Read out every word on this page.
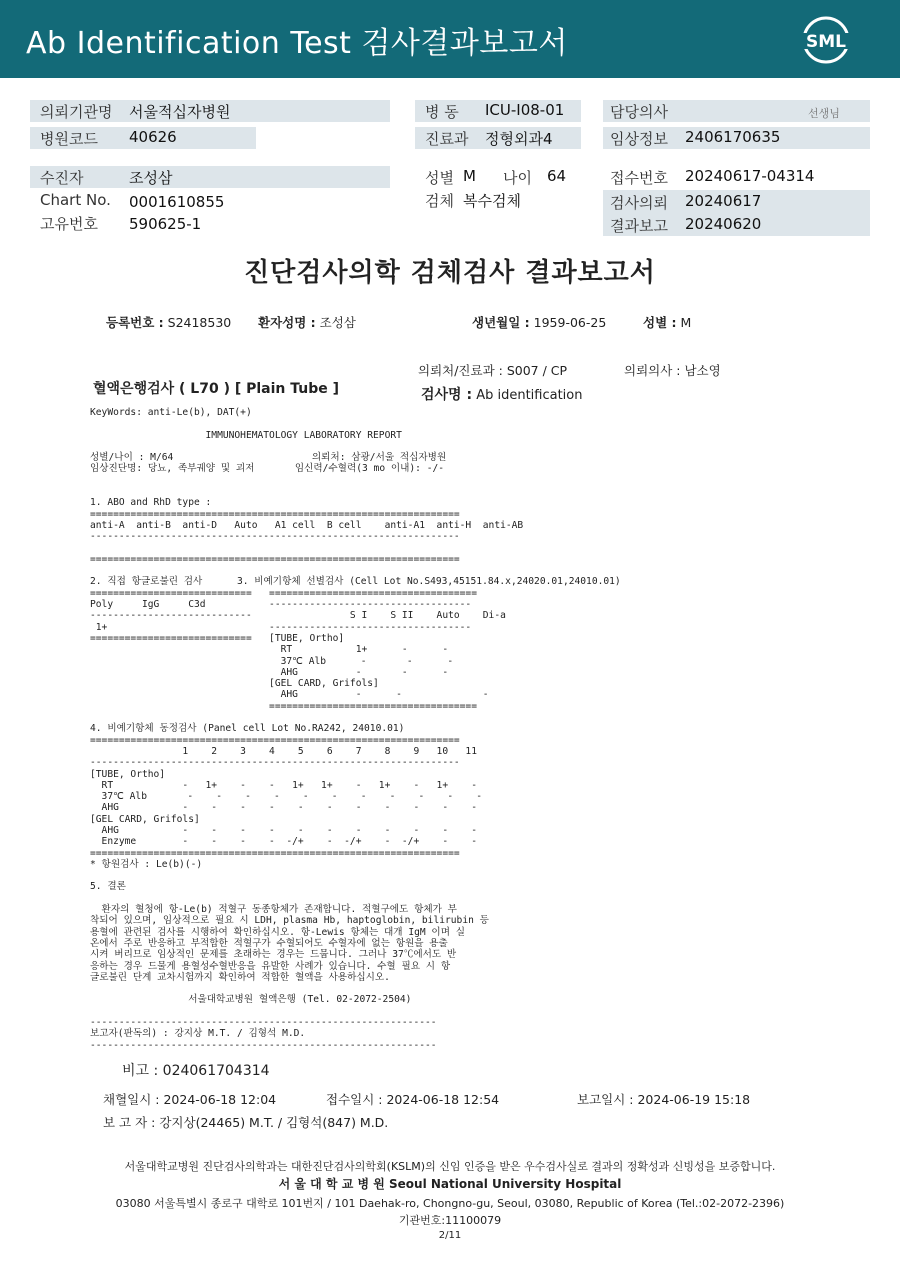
Ab Identification Test 검사결과보고서	SML
의뢰기관명 서울적십자병원
병원코드 40626
병 동 ICU-I08-01
진료과 정형외과4
담당의사	선생님
임상정보 2406170635
수진자	조성삼
Chart No. 0001610855
고유번호 590625-1
성별 M 나이 64
검체 복수검체
접수번호 20240617-04314
검사의뢰 20240617
결과보고 20240620
진단검사의학 검체검사 결과보고서
등록번호 : S2418530 환자성명 : 조성삼	생년월일 : 1959-06-25	성별 : M
의뢰처/진료과 : S007 / CP	의뢰의사 : 남소영
혈액은행검사 ( L70 ) [ Plain Tube ]	검사명 : Ab identification
KeyWords: anti-Le(b), DAT(+)

IMMUNOHEMATOLOGY LABORATORY REPORT

성별/나이 : M/64                        의뢰처: 삼광/서울 적십자병원
임상진단명: 당뇨, 족부궤양 및 괴저       임신력/수혈력(3 mo 이내): -/-

1. ABO and RhD type :
================================================================
anti-A  anti-B  anti-D   Auto   A1 cell  B cell    anti-A1  anti-H  anti-AB
----------------------------------------------------------------

================================================================

2. 직접 항글로불린 검사      3. 비예기항체 선별검사 (Cell Lot No.S493,45151.84.x,24020.01,24010.01)
============================   ====================================
Poly     IgG     C3d           -----------------------------------
----------------------------                 S I    S II    Auto    Di-a
1+                            -----------------------------------
============================   [TUBE, Ortho]
RT           1+      -      -
37℃ Alb      -       -      -
AHG          -       -      -
[GEL CARD, Grifols]
AHG          -      -              -
====================================

4. 비예기항체 동정검사 (Panel cell Lot No.RA242, 24010.01)
================================================================
1    2    3    4    5    6    7    8    9   10   11
----------------------------------------------------------------
[TUBE, Ortho]
RT            -   1+    -    -   1+   1+    -   1+    -   1+    -
37℃ Alb       -    -    -    -    -    -    -    -    -    -    -
AHG           -    -    -    -    -    -    -    -    -    -    -
[GEL CARD, Grifols]
AHG           -    -    -    -    -    -    -    -    -    -    -
Enzyme        -    -    -    -  -/+    -  -/+    -  -/+    -    -
================================================================
* 항원검사 : Le(b)(-)

5. 결론

환자의 혈청에 항-Le(b) 적혈구 동종항체가 존재합니다. 적혈구에도 항체가 부
착되어 있으며, 임상적으로 필요 시 LDH, plasma Hb, haptoglobin, bilirubin 등
용혈에 관련된 검사를 시행하여 확인하십시오. 항-Lewis 항체는 대개 IgM 이며 실
온에서 주로 반응하고 부적합한 적혈구가 수혈되어도 수혈자에 없는 항원을 용출
시켜 버리므로 임상적인 문제를 초래하는 경우는 드뭅니다. 그러나 37℃에서도 반
응하는 경우 드물게 용혈성수혈반응을 유발한 사례가 있습니다. 수혈 필요 시 항
글로불린 단계 교차시험까지 확인하여 적합한 혈액을 사용하십시오.

서울대학교병원 혈액은행 (Tel. 02-2072-2504)

------------------------------------------------------------
보고자(판독의) : 강지상 M.T. / 김형석 M.D.
------------------------------------------------------------
비고 : 024061704314
채혈일시 : 2024-06-18 12:04	접수일시 : 2024-06-18 12:54	보고일시 : 2024-06-19 15:18
보 고 자 : 강지상(24465) M.T. / 김형석(847) M.D.
서울대학교병원 진단검사의학과는 대한진단검사의학회(KSLM)의 신임 인증을 받은 우수검사실로 결과의 정확성과 신빙성을 보증합니다.
서 울 대 학 교 병 원 Seoul National University Hospital
03080 서울특별시 종로구 대학로 101번지 / 101 Daehak-ro, Chongno-gu, Seoul, 03080, Republic of Korea (Tel.:02-2072-2396)
기관번호:11100079
2/11
